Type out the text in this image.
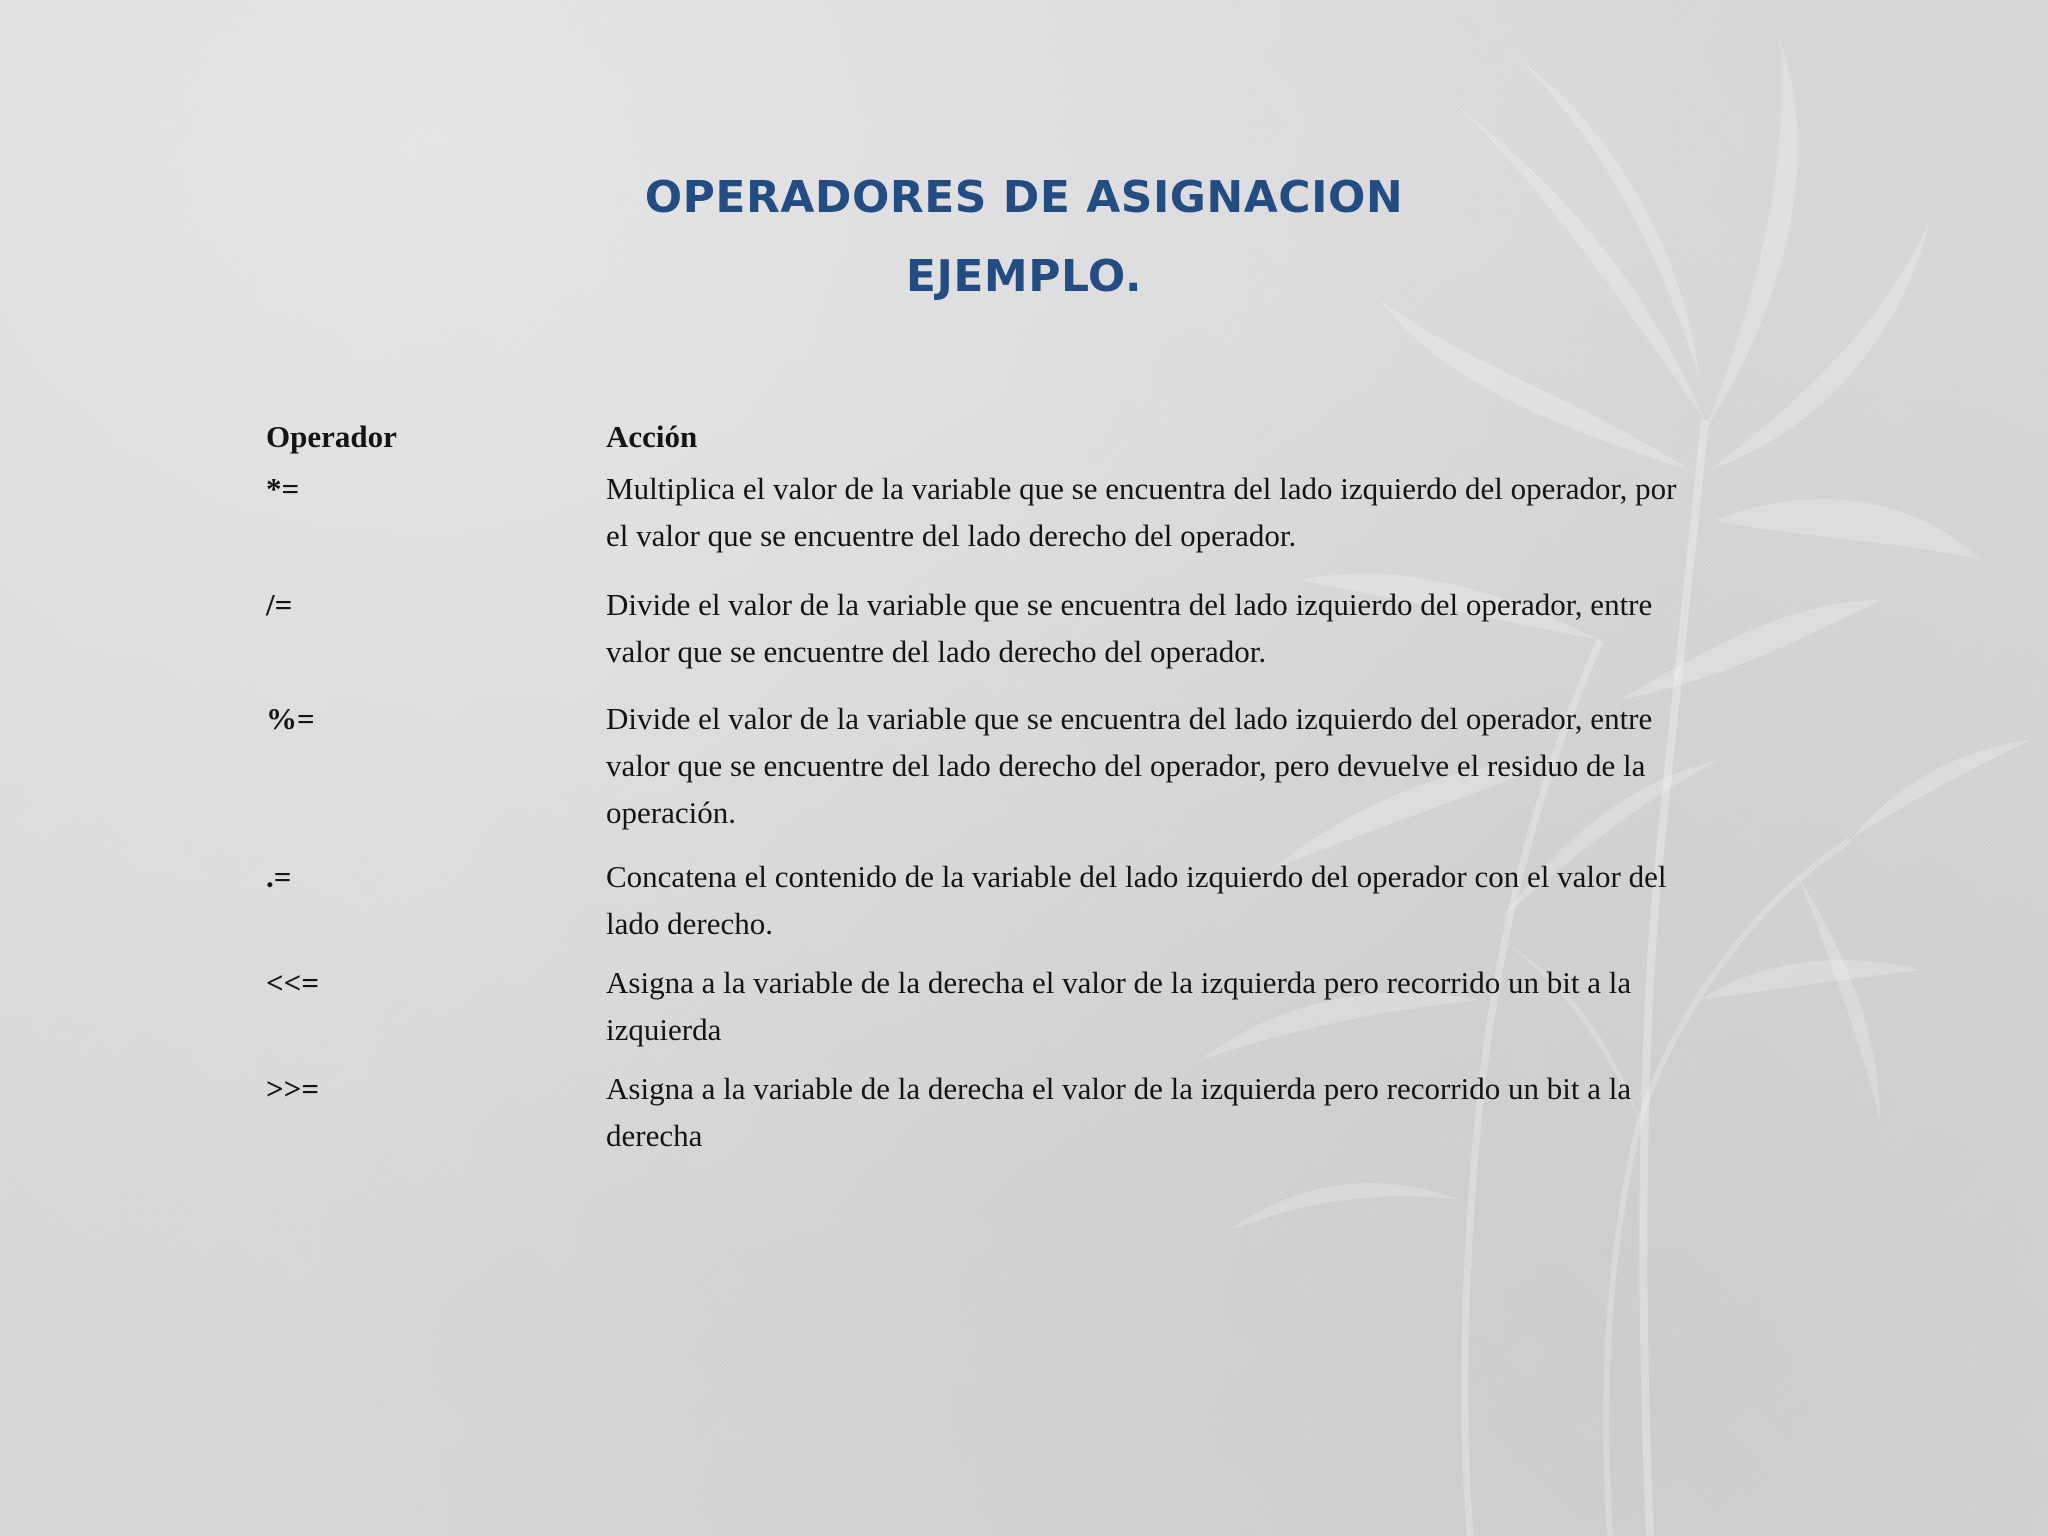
OPERADORES DE ASIGNACION
EJEMPLO.
Operador	Acción
*=	Multiplica el valor de la variable que se encuentra del lado izquierdo del operador, por el valor que se encuentre del lado derecho del operador.
/=	Divide el valor de la variable que se encuentra del lado izquierdo del operador, entre valor que se encuentre del lado derecho del operador.
%=	Divide el valor de la variable que se encuentra del lado izquierdo del operador, entre valor que se encuentre del lado derecho del operador, pero devuelve el residuo de la operación.
.=	Concatena el contenido de la variable del lado izquierdo del operador con el valor del lado derecho.
<<=	Asigna a la variable de la derecha el valor de la izquierda pero recorrido un bit a la izquierda
>>=	Asigna a la variable de la derecha el valor de la izquierda pero recorrido un bit a la derecha
